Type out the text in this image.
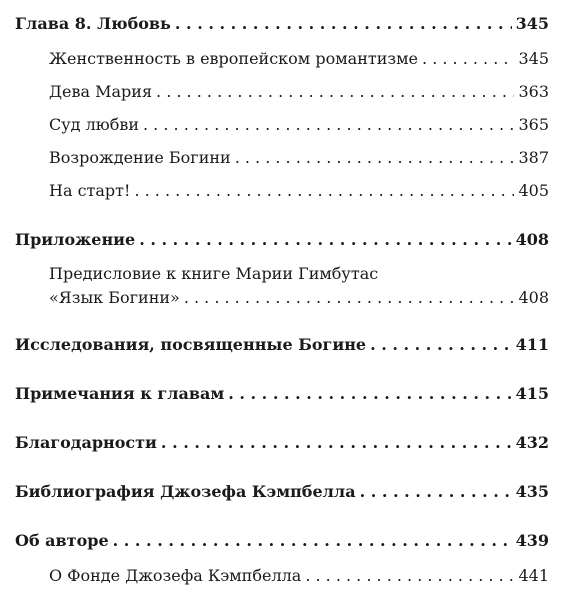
Глава 8. Любовь . . .	345
Женственность в европейском романтизме . . .	345
Дева Мария . . .	363
Суд любви . . .	365
Возрождение Богини . . .	387
На старт! . . .	405
Приложение . . .	408
Предисловие к книге Марии Гимбутас
«Язык Богини» . . .	408
Исследования, посвященные Богине . . .	411
Примечания к главам . . .	415
Благодарности . . .	432
Библиография Джозефа Кэмпбелла . . .	435
Об авторе . . .	439
О Фонде Джозефа Кэмпбелла . . .	441
